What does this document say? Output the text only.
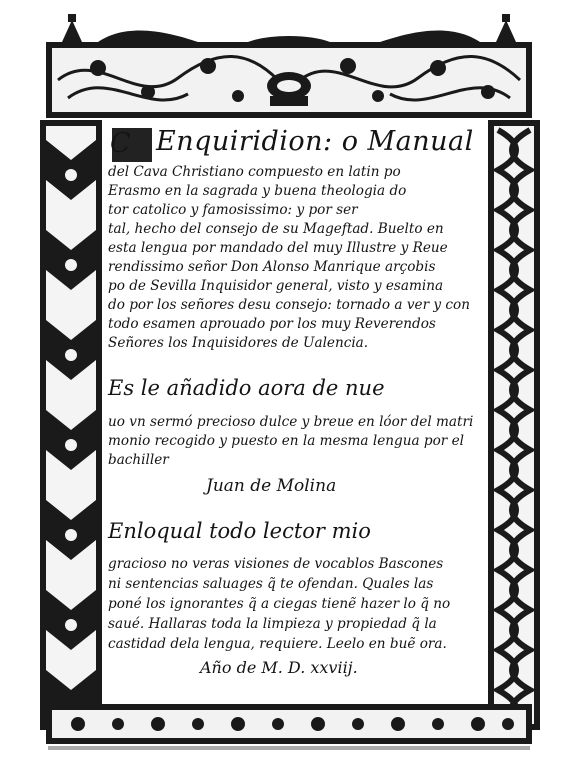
C Enquiridion: o Manual
del Cava Christiano compuesto en latin po
Erasmo en la sagrada y buena theologia do
tor catolico y famosissimo: y por ser
tal, hecho del consejo de su Mageftad. Buelto en
esta lengua por mandado del muy Illustre y Reue
rendissimo señor Don Alonso Manrique arçobis
po de Sevilla Inquisidor general, visto y esamina
do por los señores desu consejo: tornado a ver y con
todo esamen aprouado por los muy Reverendos
Señores los Inquisidores de Ualencia.
Es le añadido aora de nue
uo vn sermó precioso dulce y breue en lóor del matri
monio recogido y puesto en la mesma lengua por el
bachiller
Juan de Molina
Enloqual todo lector mio
gracioso no veras visiones de vocablos Bascones
ni sentencias saluages q̃ te ofendan. Quales las
poné los ignorantes q̃ a ciegas tienẽ hazer lo q̃ no
saué. Hallaras toda la limpieza y propiedad q̃ la
castidad dela lengua, requiere. Leelo en buẽ ora.
Año de M. D. xxviij.
